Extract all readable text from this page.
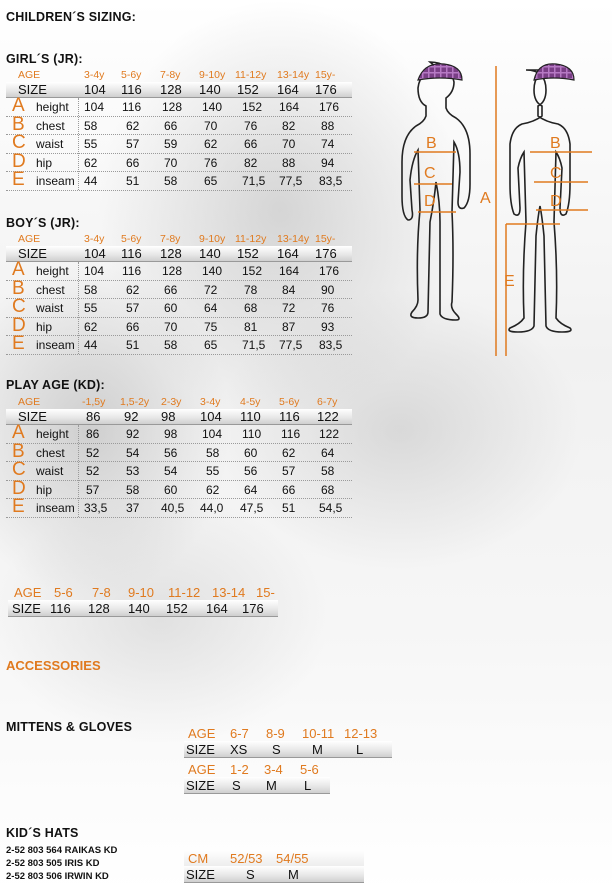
CHILDREN´S SIZING:
GIRL´S (JR):
AGE	3-4y 5-6y 7-8y 9-10y 11-12y 13-14y 15y-
SIZE	104 116 128 140 152 164 176
A height 104 116 128 140 152 164 176
B chest 58 62 66 70 76 82 88
C waist 55 57 59 62 66 70 74
D hip	62 66 70 76 82 88 94
E inseam 44 51 58 65 71,5 77,5 83,5
BOY´S (JR):
AGE	3-4y 5-6y 7-8y 9-10y 11-12y 13-14y 15y-
SIZE	104 116 128 140 152 164 176
A height 104 116 128 140 152 164 176
B chest 58 62 66 72 78 84 90
C waist 55 57 60 64 68 72 76
D hip	62 66 70 75 81 87 93
E inseam 44 51 58 65 71,5 77,5 83,5
PLAY AGE (KD):
AGE	-1,5y 1,5-2y 2-3y 3-4y 4-5y 5-6y 6-7y
SIZE	86 92 98 104 110 116 122
A height 86 92 98 104 110 116 122
B chest 52 54 56 58 60 62 64
C waist 52 53 54 55 56 57 58
D hip	57 58 60 62 64 66 68
E inseam 33,5 37 40,5 44,0 47,5 51 54,5
AGE 5-6 7-8 9-10 11-12 13-14 15-
SIZE 116 128 140 152 164 176
ACCESSORIES
MITTENS & GLOVES	AGE 6-7 8-9 10-11 12-13
SIZE XS S M	L
AGE 1-2 3-4 5-6
SIZE S M L
KID´S HATS
2-52 803 564 RAIKAS KD
2-52 803 505 IRIS KD
2-52 803 506 IRWIN KD
CM 52/53 54/55
SIZE S	M
B
C
D	A
B
C
D
E
